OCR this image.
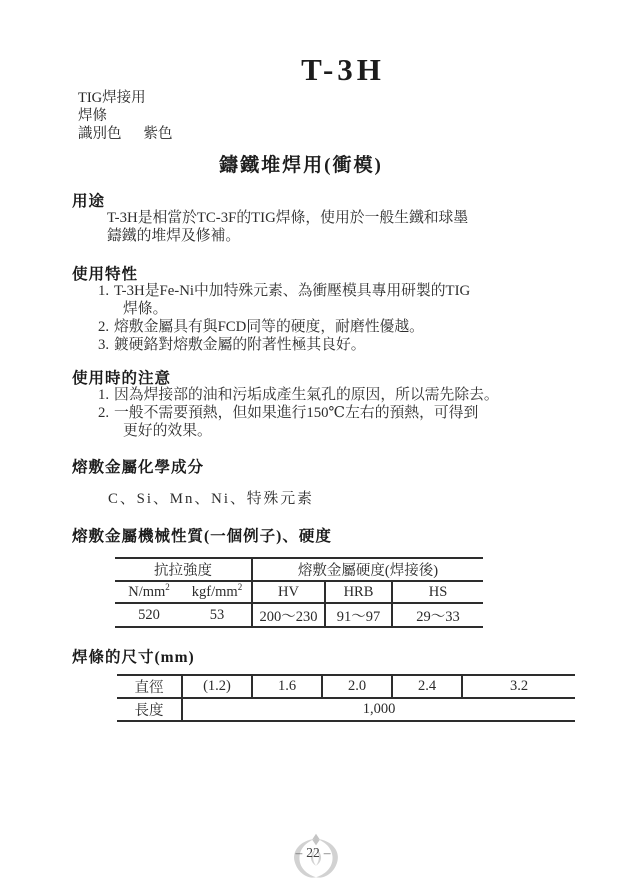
T-3H
TIG焊接用
焊條
識別色 紫色
鑄鐵堆焊用(衝模)
用途
T-3H是相當於TC-3F的TIG焊條，使用於一般生鐵和球墨
鑄鐵的堆焊及修補。
使用特性
1. T-3H是Fe-Ni中加特殊元素、為衝壓模具專用研製的TIG
焊條。
2. 熔敷金屬具有與FCD同等的硬度，耐磨性優越。
3. 鍍硬鉻對熔敷金屬的附著性極其良好。
使用時的注意
1. 因為焊接部的油和污垢成產生氣孔的原因，所以需先除去。
2. 一般不需要預熱，但如果進行150℃左右的預熱，可得到
更好的效果。
熔敷金屬化學成分
C、Si、Mn、Ni、特殊元素
熔敷金屬機械性質(一個例子)、硬度
抗拉強度		熔敷金屬硬度(焊接後)		
$N/mm^2$	kgf/$mm^2$	HV	HRB	HS
520	53	200〜230	91〜97	29〜33
焊條的尺寸(mm)
直徑	(1.2)	1.6	2.0	2.4	3.2
長度	1,000				
– 22 –
